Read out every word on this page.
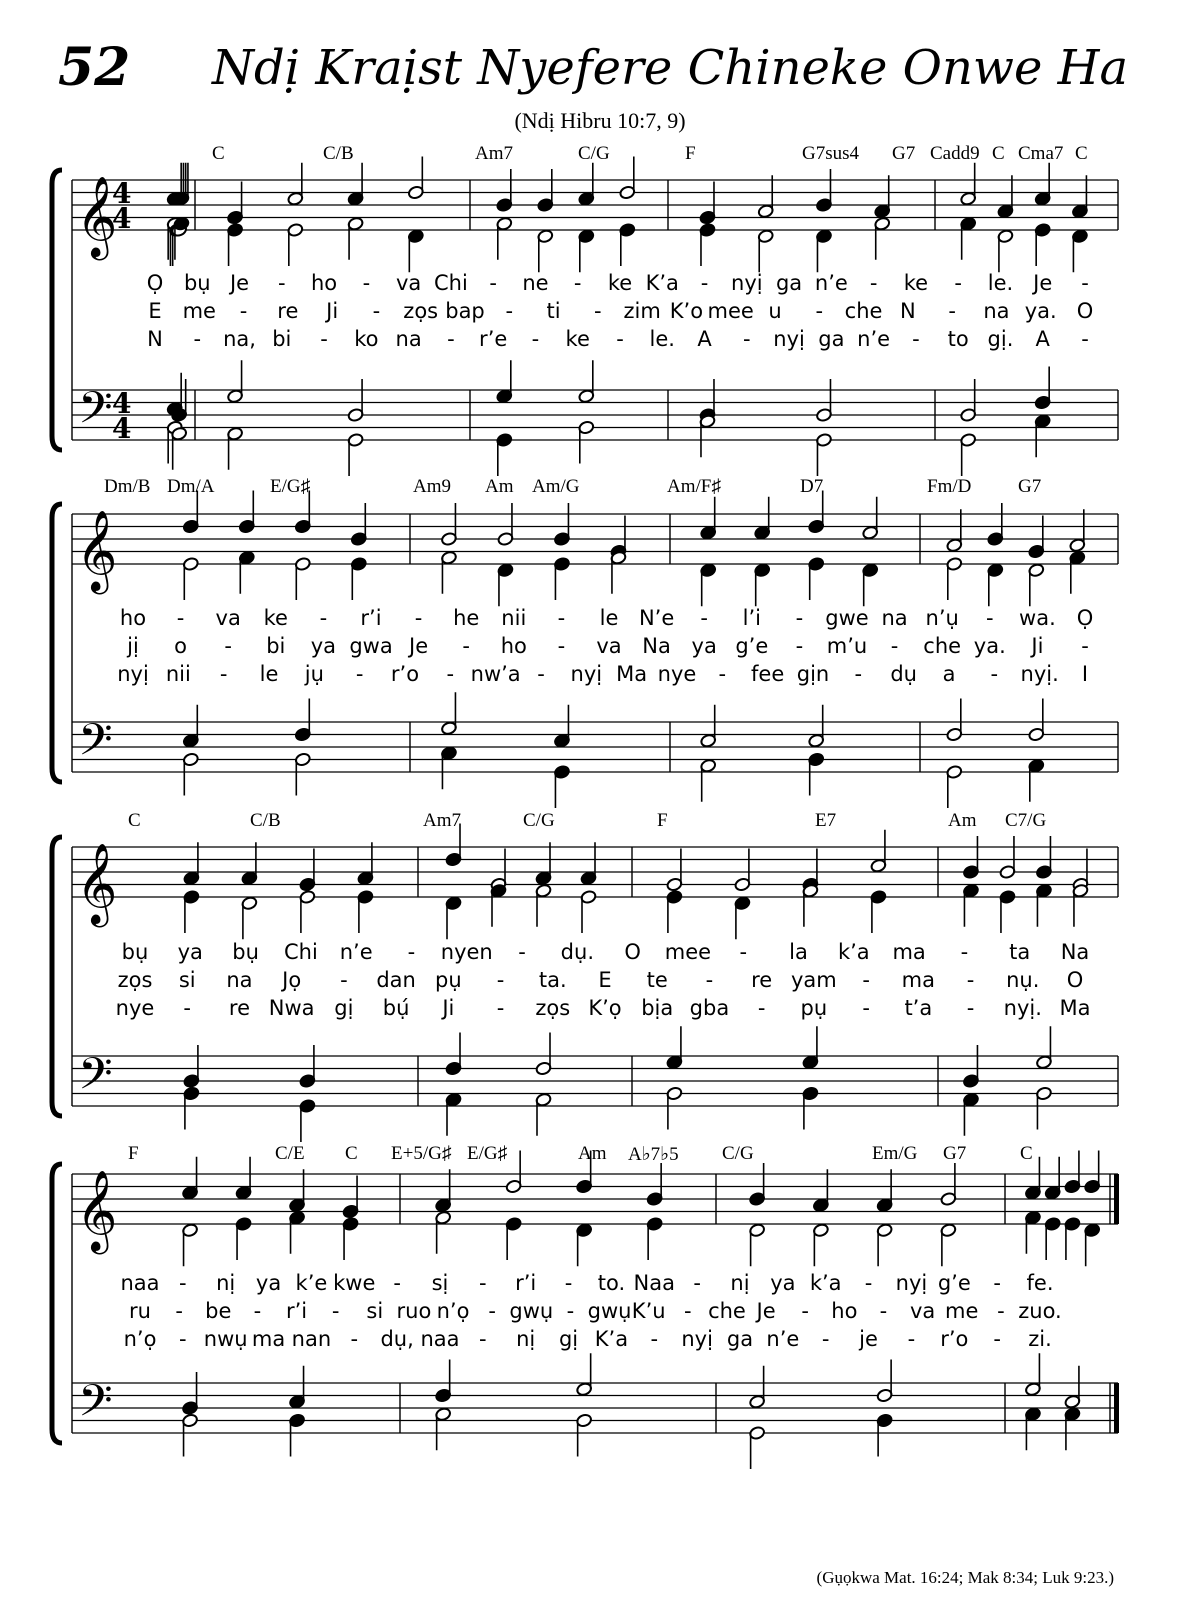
52 Ndị Kraịst Nyefere Chineke Onwe Ha
(Ndị Hibru 10:7, 9)
𝄞
𝄢
4
4
4
4
𝄞
𝄢
𝄞
𝄢
𝄞
𝄢
C	C/B	Am7	C/G	F	G7sus4 G7 Cadd9 C Cma7 C
Ọ bụ Je - ho - va Chi - ne - ke K’a - nyị ga n’e - ke - le. Je -
E me - re Ji - zọs bap - ti - zim K’o mee u - che N - na ya. O
N - na, bi - ko na - r’e - ke - le. A - nyị ga n’e - to gị. A -
Dm/B Dm/A	E/G♯	Am9 Am Am/G	Am/F♯	D7	Fm/D G7
ho - va ke - r’i - he nii - le N’e - l’i - gwe na n’ụ - wa. Ọ
jị o - bi ya gwa Je - ho - va Na ya g’e - m’u - che ya. Ji -
nyị nii - le jụ - r’o - nw’a - nyị Ma nye - fee gịn - dụ a - nyị. I
C	C/B	Am7	C/G	F	E7	Am C7/G
bụ ya bụ Chi n’e - nyen - dụ. O mee - la k’a ma - ta Na
zọs si na Jọ - dan pụ - ta. E te - re yam - ma - nụ. O
nye - re Nwa gị bụ́ Ji - zọs K’ọ bịa gba - pụ - t’a - nyị. Ma
F	C/E C E+5/G♯ E/G♯	Am A♭7♭5 C/G	Em/G G7	C
naa - nị ya k’e kwe - sị - r’i - to. Naa - nị ya k’a - nyị g’e - fe.
ru - be - r’i - si ruo n’ọ - gwụ - gwụ K’u - che Je - ho - va me - zuo.
n’ọ - nwụ ma nan - dụ, naa - nị gị K’a - nyị ga n’e - je - r’o - zi.
(Gụọkwa Mat. 16:24; Mak 8:34; Luk 9:23.)
